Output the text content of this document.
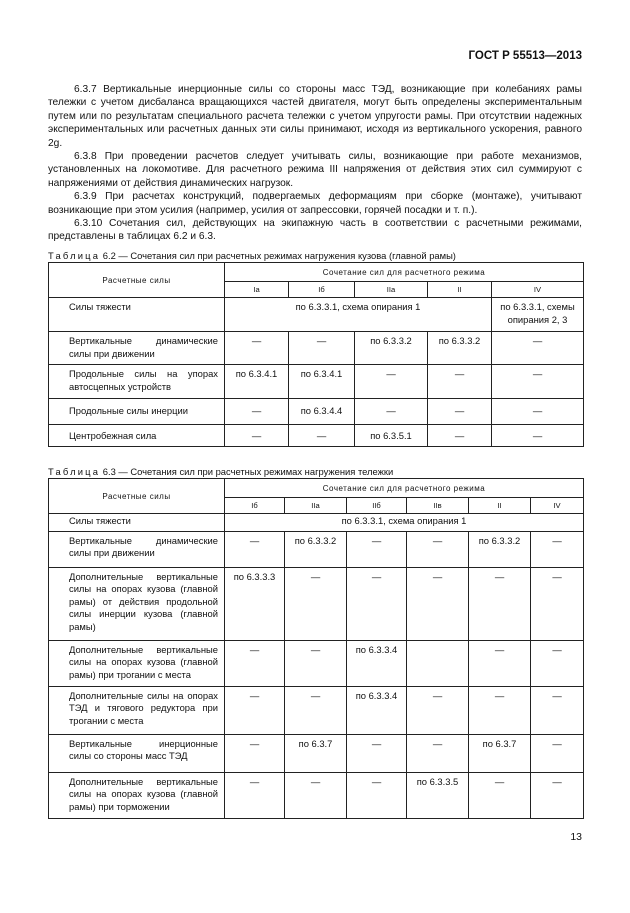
ГОСТ Р 55513—2013

6.3.7 Вертикальные инерционные силы со стороны масс ТЭД, возникающие при колебаниях рамы тележки с учетом дисбаланса вращающихся частей двигателя, могут быть определены экспериментальным путем или по результатам специального расчета тележки с учетом упругости рамы. При отсутствии надежных экспериментальных или расчетных данных эти силы принимают, исходя из вертикального ускорения, равного 2g.

6.3.8 При проведении расчетов следует учитывать силы, возникающие при работе механизмов, установленных на локомотиве. Для расчетного режима III напряжения от действия этих сил суммируют с напряжениями от действия динамических нагрузок.

6.3.9 При расчетах конструкций, подвергаемых деформациям при сборке (монтаже), учитывают возникающие при этом усилия (например, усилия от запрессовки, горячей посадки и т. п.).

6.3.10 Сочетания сил, действующих на экипажную часть в соответствии с расчетными режимами, представлены в таблицах 6.2 и 6.3.

Таблица 6.2 — Сочетания сил при расчетных режимах нагружения кузова (главной рамы)
Расчетные силы	Сочетание сил для расчетного режима				
	Iа	Iб	IIа	II	IV
Силы тяжести	по 6.3.3.1, схема опирания 1				по 6.3.3.1, схемы опирания 2, 3
Вертикальные динамические силы при движении	—	—	по 6.3.3.2	по 6.3.3.2	—
Продольные силы на упорах автосцепных устройств	по 6.3.4.1	по 6.3.4.1	—	—	—
Продольные силы инерции	—	по 6.3.4.4	—	—	—
Центробежная сила	—	—	по 6.3.5.1	—	—
Таблица 6.3 — Сочетания сил при расчетных режимах нагружения тележки
Расчетные силы	Сочетание сил для расчетного режима					
	Iб	IIа	IIб	IIв	II	IV
Силы тяжести	по 6.3.3.1, схема опирания 1					
Вертикальные динамические силы при движении	—	по 6.3.3.2	—	—	по 6.3.3.2	—
Дополнительные вертикальные силы на опорах кузова (главной рамы) от действия продольной силы инерции кузова (главной рамы)	по 6.3.3.3	—	—	—	—	—
Дополнительные вертикальные силы на опорах кузова (главной рамы) при трогании с места	—	—	по 6.3.3.4		—	—
Дополнительные силы на опорах ТЭД и тягового редуктора при трогании с места	—	—	по 6.3.3.4	—	—	—
Вертикальные инерционные силы со стороны масс ТЭД	—	по 6.3.7	—	—	по 6.3.7	—
Дополнительные вертикальные силы на опорах кузова (главной рамы) при торможении	—	—	—	по 6.3.3.5	—	—
13
